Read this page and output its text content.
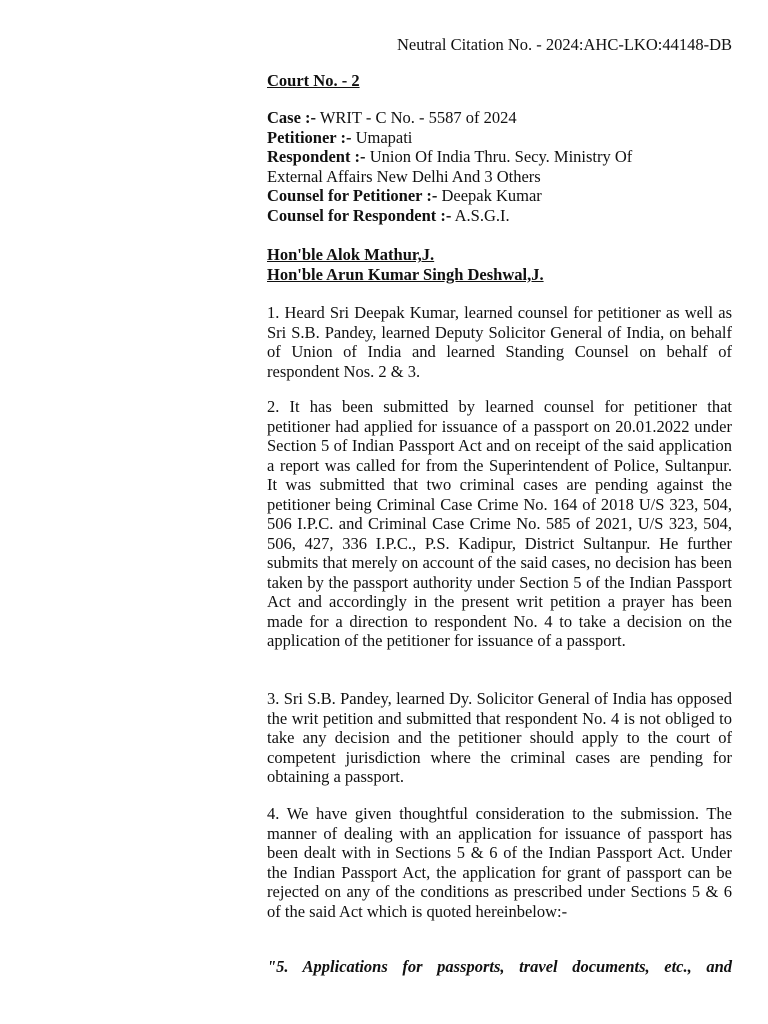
Neutral Citation No. - 2024:AHC-LKO:44148-DB
Court No. - 2
Case :- WRIT - C No. - 5587 of 2024
Petitioner :- Umapati
Respondent :- Union Of India Thru. Secy. Ministry Of
External Affairs New Delhi And 3 Others
Counsel for Petitioner :- Deepak Kumar
Counsel for Respondent :- A.S.G.I.
Hon'ble Alok Mathur,J.
Hon'ble Arun Kumar Singh Deshwal,J.
1. Heard Sri Deepak Kumar, learned counsel for petitioner as well as Sri S.B. Pandey, learned Deputy Solicitor General of India, on behalf of Union of India and learned Standing Counsel on behalf of respondent Nos. 2 & 3.
2. It has been submitted by learned counsel for petitioner that petitioner had applied for issuance of a passport on 20.01.2022 under Section 5 of Indian Passport Act and on receipt of the said application a report was called for from the Superintendent of Police, Sultanpur. It was submitted that two criminal cases are pending against the petitioner being Criminal Case Crime No. 164 of 2018 U/S 323, 504, 506 I.P.C. and Criminal Case Crime No. 585 of 2021, U/S 323, 504, 506, 427, 336 I.P.C., P.S. Kadipur, District Sultanpur. He further submits that merely on account of the said cases, no decision has been taken by the passport authority under Section 5 of the Indian Passport Act and accordingly in the present writ petition a prayer has been made for a direction to respondent No. 4 to take a decision on the application of the petitioner for issuance of a passport.
3. Sri S.B. Pandey, learned Dy. Solicitor General of India has opposed the writ petition and submitted that respondent No. 4 is not obliged to take any decision and the petitioner should apply to the court of competent jurisdiction where the criminal cases are pending for obtaining a passport.
4. We have given thoughtful consideration to the submission. The manner of dealing with an application for issuance of passport has been dealt with in Sections 5 & 6 of the Indian Passport Act. Under the Indian Passport Act, the application for grant of passport can be rejected on any of the conditions as prescribed under Sections 5 & 6 of the said Act which is quoted hereinbelow:-
"5. Applications for passports, travel documents, etc., and
